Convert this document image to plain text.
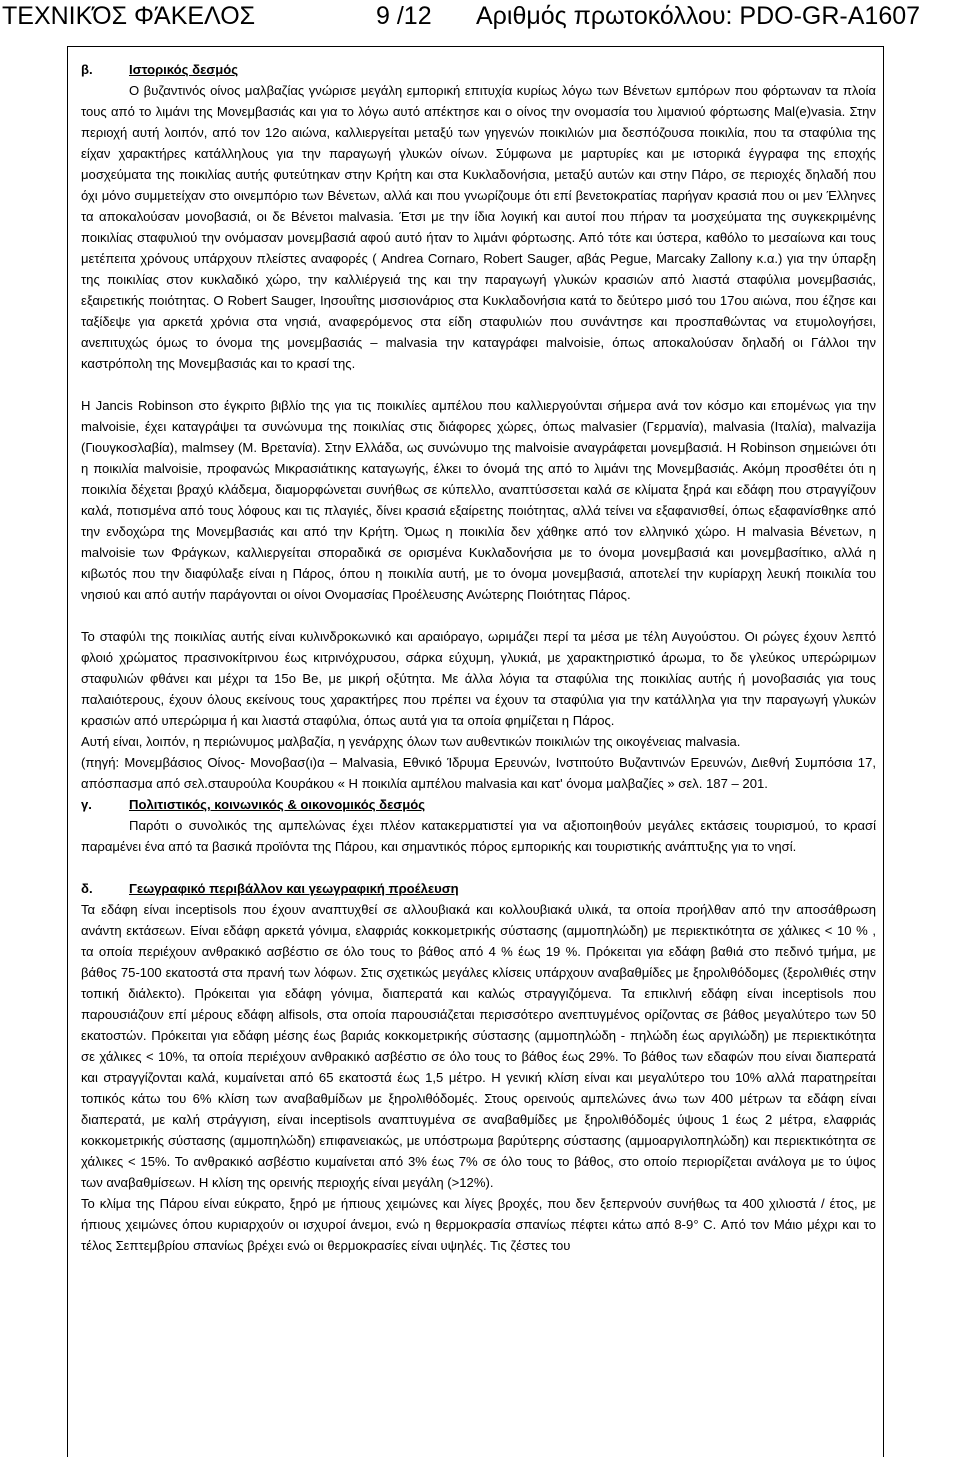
ΤΕΧΝΙΚΌΣ ΦΆΚΕΛΟΣ	9 /12 Αριθμός πρωτοκόλλου: PDO-GR-A1607
β.	Ιστορικός δεσμός

Ο βυζαντινός οίνος μαλβαζίας γνώρισε μεγάλη εμπορική επιτυχία κυρίως λόγω των Βένετων εμπόρων που φόρτωναν τα πλοία τους από το λιμάνι της Μονεμβασιάς και για το λόγω αυτό απέκτησε και ο οίνος την ονομασία του λιμανιού φόρτωσης Mal(e)vasia. Στην περιοχή αυτή λοιπόν, από τον 12ο αιώνα, καλλιεργείται μεταξύ των γηγενών ποικιλιών μια δεσπόζουσα ποικιλία, που τα σταφύλια της είχαν χαρακτήρες κατάλληλους για την παραγωγή γλυκών οίνων. Σύμφωνα με μαρτυρίες και με ιστορικά έγγραφα της εποχής μοσχεύματα της ποικιλίας αυτής φυτεύτηκαν στην Κρήτη και στα Κυκλαδονήσια, μεταξύ αυτών και στην Πάρο, σε περιοχές δηλαδή που όχι μόνο συμμετείχαν στο οινεμπόριο των Βένετων, αλλά και που γνωρίζουμε ότι επί βενετοκρατίας παρήγαν κρασιά που οι μεν Έλληνες τα αποκαλούσαν μονοβασιά, οι δε Βένετοι malvasia. Έτσι με την ίδια λογική και αυτοί που πήραν τα μοσχεύματα της συγκεκριμένης ποικιλίας σταφυλιού την ονόμασαν μονεμβασιά αφού αυτό ήταν το λιμάνι φόρτωσης. Από τότε και ύστερα, καθόλο το μεσαίωνα και τους μετέπειτα χρόνους υπάρχουν πλείστες αναφορές ( Andrea Cornaro, Robert Sauger, αβάς Pegue, Marcaky Zallony κ.α.) για την ύπαρξη της ποικιλίας στον κυκλαδικό χώρο, την καλλιέργειά της και την παραγωγή γλυκών κρασιών από λιαστά σταφύλια μονεμβασιάς, εξαιρετικής ποιότητας. Ο Robert Sauger, Ιησουΐτης μισσιονάριος στα Κυκλαδονήσια κατά το δεύτερο μισό του 17ου αιώνα, που έζησε και ταξίδεψε για αρκετά χρόνια στα νησιά, αναφερόμενος στα είδη σταφυλιών που συνάντησε και προσπαθώντας να ετυμολογήσει, ανεπιτυχώς όμως το όνομα της μονεμβασιάς – malvasia την καταγράφει malvoisie, όπως αποκαλούσαν δηλαδή οι Γάλλοι την καστρόπολη της Μονεμβασιάς και το κρασί της.

Η Jancis Robinson στο έγκριτο βιβλίο της για τις ποικιλίες αμπέλου που καλλιεργούνται σήμερα ανά τον κόσμο και επομένως για την malvoisie, έχει καταγράψει τα συνώνυμα της ποικιλίας στις διάφορες χώρες, όπως malvasier (Γερμανία), malvasia (Ιταλία), malvazija (Γιουγκοσλαβία), malmsey (Μ. Βρετανία). Στην Ελλάδα, ως συνώνυμο της malvoisie αναγράφεται μονεμβασιά. Η Robinson σημειώνει ότι η ποικιλία malvoisie, προφανώς Μικρασιάτικης καταγωγής, έλκει το όνομά της από το λιμάνι της Μονεμβασιάς. Ακόμη προσθέτει ότι η ποικιλία δέχεται βραχύ κλάδεμα, διαμορφώνεται συνήθως σε κύπελλο, αναπτύσσεται καλά σε κλίματα ξηρά και εδάφη που στραγγίζουν καλά, ποτισμένα από τους λόφους και τις πλαγιές, δίνει κρασιά εξαίρετης ποιότητας, αλλά τείνει να εξαφανισθεί, όπως εξαφανίσθηκε από την ενδοχώρα της Μονεμβασιάς και από την Κρήτη. Όμως η ποικιλία δεν χάθηκε από τον ελληνικό χώρο. Η malvasia Βένετων, η malvoisie των Φράγκων, καλλιεργείται σποραδικά σε ορισμένα Κυκλαδονήσια με το όνομα μονεμβασιά και μονεμβασίτικο, αλλά η κιβωτός που την διαφύλαξε είναι η Πάρος, όπου η ποικιλία αυτή, με το όνομα μονεμβασιά, αποτελεί την κυρίαρχη λευκή ποικιλία του νησιού και από αυτήν παράγονται οι οίνοι Ονομασίας Προέλευσης Ανώτερης Ποιότητας Πάρος.

Το σταφύλι της ποικιλίας αυτής είναι κυλινδροκωνικό και αραιόραγο, ωριμάζει περί τα μέσα με τέλη Αυγούστου. Οι ρώγες έχουν λεπτό φλοιό χρώματος πρασινοκίτρινου έως κιτρινόχρυσου, σάρκα εύχυμη, γλυκιά, με χαρακτηριστικό άρωμα, το δε γλεύκος υπερώριμων σταφυλιών φθάνει και μέχρι τα 15ο Be, με μικρή οξύτητα. Με άλλα λόγια τα σταφύλια της ποικιλίας αυτής ή μονοβασιάς για τους παλαιότερους, έχουν όλους εκείνους τους χαρακτήρες που πρέπει να έχουν τα σταφύλια για την κατάλληλα για την παραγωγή γλυκών κρασιών από υπερώριμα ή και λιαστά σταφύλια, όπως αυτά για τα οποία φημίζεται η Πάρος.

Αυτή είναι, λοιπόν, η περιώνυμος μαλβαζία, η γενάρχης όλων των αυθεντικών ποικιλιών της οικογένειας malvasia.

(πηγή: Μονεμβάσιος Οίνος- Μονοβασ(ι)α – Malvasia, Εθνικό Ίδρυμα Ερευνών, Ινστιτούτο Βυζαντινών Ερευνών, Διεθνή Συμπόσια 17, απόσπασμα από σελ.σταυρούλα Κουράκου « Η ποικιλία αμπέλου malvasia και κατ' όνομα μαλβαζίες » σελ. 187 – 201.

γ.	Πολιτιστικός, κοινωνικός & οικονομικός δεσμός

Παρότι ο συνολικός της αμπελώνας έχει πλέον κατακερματιστεί για να αξιοποιηθούν μεγάλες εκτάσεις τουρισμού, το κρασί παραμένει ένα από τα βασικά προϊόντα της Πάρου, και σημαντικός πόρος εμπορικής και τουριστικής ανάπτυξης για το νησί.

δ.	Γεωγραφικό περιβάλλον και γεωγραφική προέλευση

Τα εδάφη είναι inceptisols που έχουν αναπτυχθεί σε αλλουβιακά και κολλουβιακά υλικά, τα οποία προήλθαν από την αποσάθρωση ανάντη εκτάσεων. Είναι εδάφη αρκετά γόνιμα, ελαφριάς κοκκομετρικής σύστασης (αμμοπηλώδη) με περιεκτικότητα σε χάλικες < 10 % , τα οποία περιέχουν ανθρακικό ασβέστιο σε όλο τους το βάθος από 4 % έως 19 %. Πρόκειται για εδάφη βαθιά στο πεδινό τμήμα, με βάθος 75-100 εκατοστά στα πρανή των λόφων. Στις σχετικώς μεγάλες κλίσεις υπάρχουν αναβαθμίδες με ξηρολιθόδομες (ξερολιθιές στην τοπική διάλεκτο). Πρόκειται για εδάφη γόνιμα, διαπερατά και καλώς στραγγιζόμενα. Τα επικλινή εδάφη είναι inceptisols που παρουσιάζουν επί μέρους εδάφη alfisols, στα οποία παρουσιάζεται περισσότερο ανεπτυγμένος ορίζοντας σε βάθος μεγαλύτερο των 50 εκατοστών. Πρόκειται για εδάφη μέσης έως βαριάς κοκκομετρικής σύστασης (αμμοπηλώδη - πηλώδη έως αργιλώδη) με περιεκτικότητα σε χάλικες < 10%, τα οποία περιέχουν ανθρακικό ασβέστιο σε όλο τους το βάθος έως 29%. Το βάθος των εδαφών που είναι διαπερατά και στραγγίζονται καλά, κυμαίνεται από 65 εκατοστά έως 1,5 μέτρο. Η γενική κλίση είναι και μεγαλύτερο του 10% αλλά παρατηρείται τοπικός κάτω του 6% κλίση των αναβαθμίδων με ξηρολιθόδομές. Στους ορεινούς αμπελώνες άνω των 400 μέτρων τα εδάφη είναι διαπερατά, με καλή στράγγιση, είναι inceptisols αναπτυγμένα σε αναβαθμίδες με ξηρολιθόδομές ύψους 1 έως 2 μέτρα, ελαφριάς κοκκομετρικής σύστασης (αμμοπηλώδη) επιφανειακώς, με υπόστρωμα βαρύτερης σύστασης (αμμοαργιλοπηλώδη) και περιεκτικότητα σε χάλικες < 15%. Το ανθρακικό ασβέστιο κυμαίνεται από 3% έως 7% σε όλο τους το βάθος, στο οποίο περιορίζεται ανάλογα με το ύψος των αναβαθμίσεων. Η κλίση της ορεινής περιοχής είναι μεγάλη (>12%).

Το κλίμα της Πάρου είναι εύκρατο, ξηρό με ήπιους χειμώνες και λίγες βροχές, που δεν ξεπερνούν συνήθως τα 400 χιλιοστά / έτος, με ήπιους χειμώνες όπου κυριαρχούν οι ισχυροί άνεμοι, ενώ η θερμοκρασία σπανίως πέφτει κάτω από 8-9° C. Από τον Μάιο μέχρι και το τέλος Σεπτεμβρίου σπανίως βρέχει ενώ οι θερμοκρασίες είναι υψηλές. Τις ζέστες του
